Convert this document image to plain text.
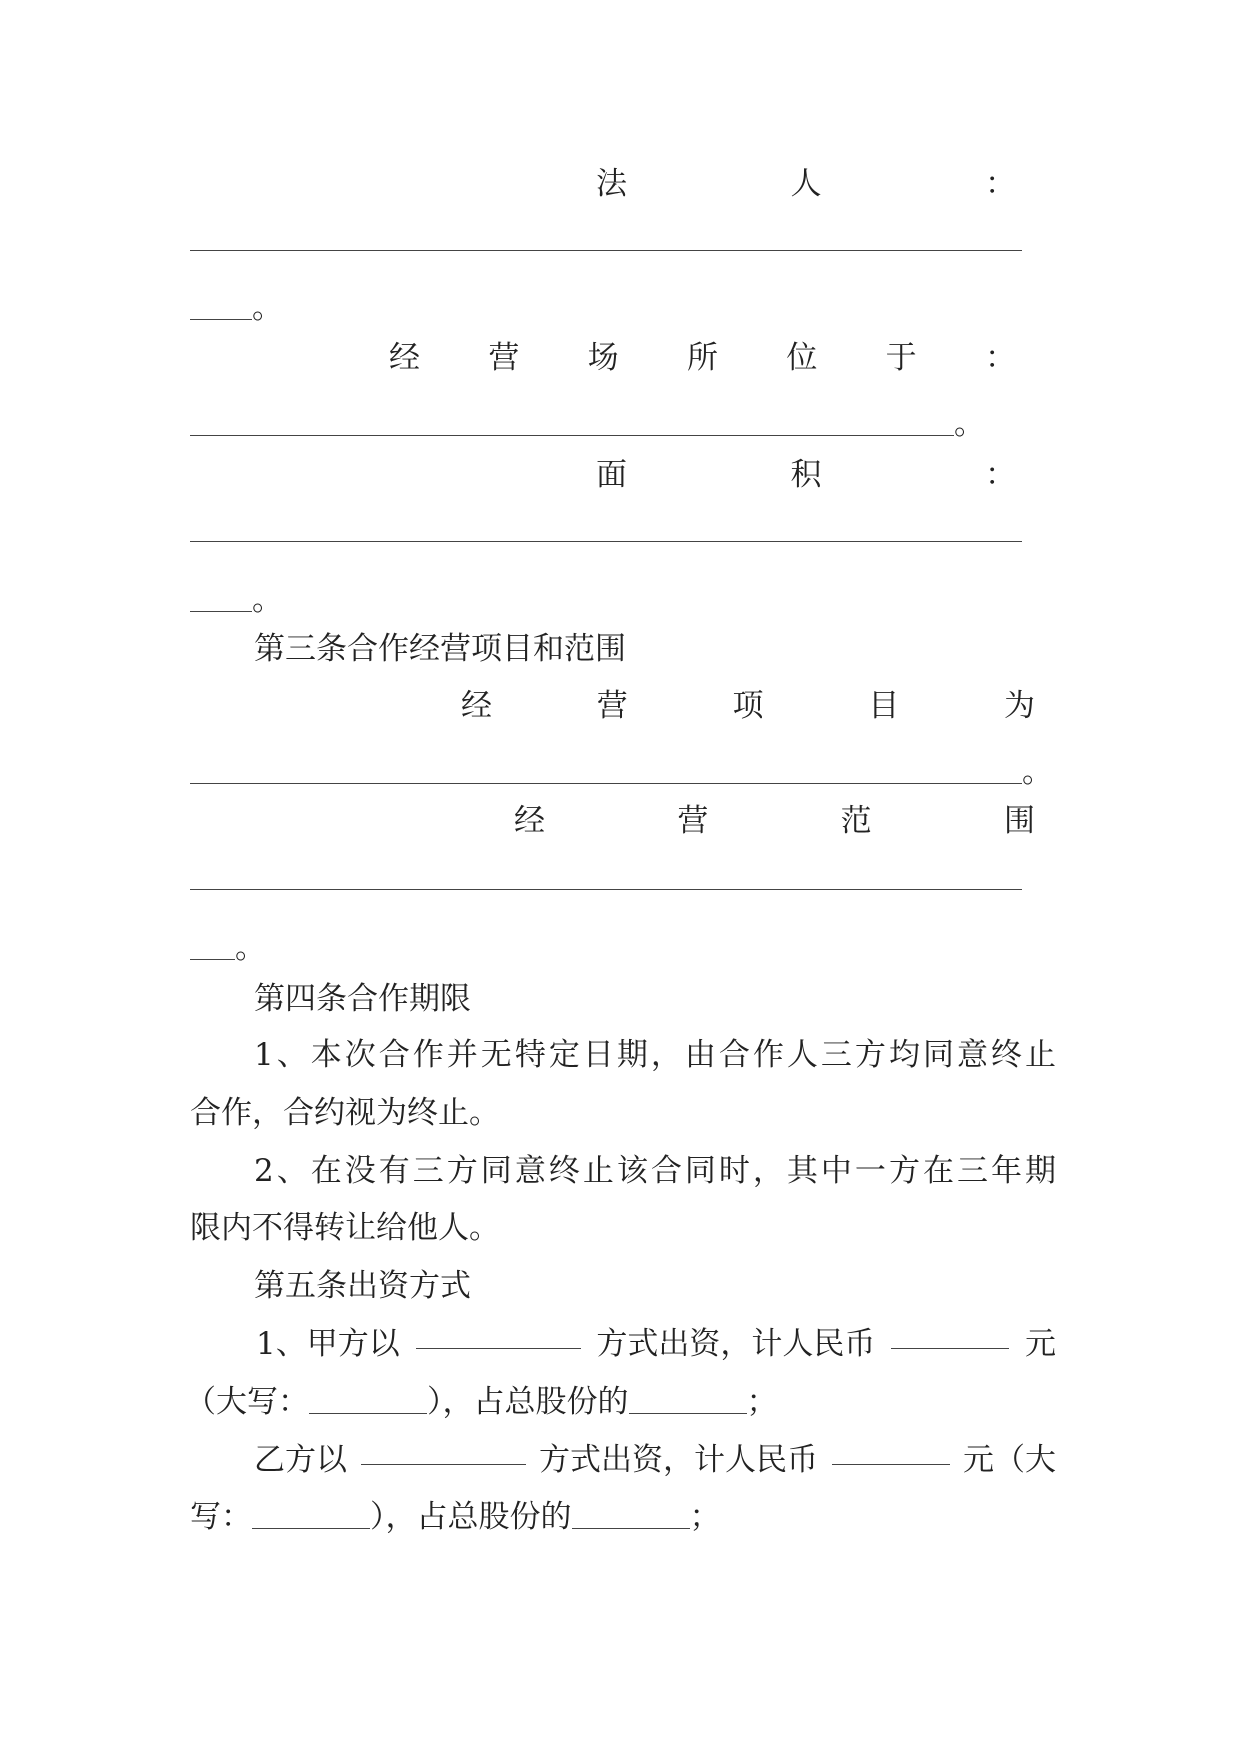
法	人	：
。
经 营 场 所 位 于 ：
。
面	积	：
。
第三条合作经营项目和范围
经	营	项	目	为
。
经	营	范	围
。
第四条合作期限
1、本次合作并无特定日期，由合作人三方均同意终止
合作，合约视为终止。
2、在没有三方同意终止该合同时，其中一方在三年期
限内不得转让给他人。
第五条出资方式
1、甲方以	方式出资，计人民币	元
（大写：	），占总股份的	；
乙方以	方式出资，计人民币	元（大
写：	），占总股份的	；
